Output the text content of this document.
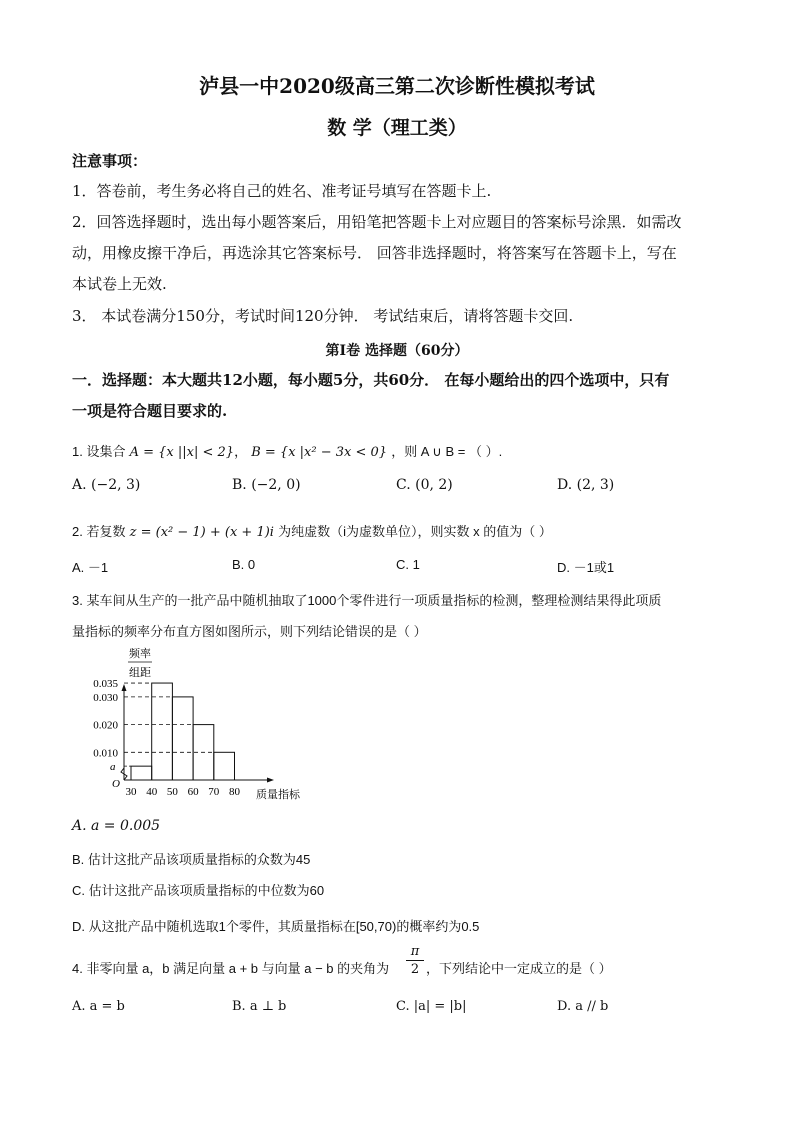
泸县一中2020级高三第二次诊断性模拟考试
数 学（理工类）
注意事项：
1．答卷前，考生务必将自己的姓名、准考证号填写在答题卡上.
2．回答选择题时，选出每小题答案后，用铅笔把答题卡上对应题目的答案标号涂黑．如需改
动，用橡皮擦干净后，再选涂其它答案标号． 回答非选择题时，将答案写在答题卡上，写在
本试卷上无效.
3． 本试卷满分150分，考试时间120分钟． 考试结束后，请将答题卡交回.
第I卷 选择题（60分）
一．选择题：本大题共12小题，每小题5分，共60分． 在每小题给出的四个选项中，只有
一项是符合题目要求的.
1. 设集合 A = {x ||x| < 2}， B = {x |x² − 3x < 0} ，则 A ∪ B = （ ）.
A. (−2, 3)	B. (−2, 0)	C. (0, 2)	D. (2, 3)
2. 若复数 z = (x² − 1) + (x + 1)i 为纯虚数（i为虚数单位），则实数 x 的值为（ ）
A. －1	B. 0	C. 1	D. －1或1
3. 某车间从生产的一批产品中随机抽取了1000个零件进行一项质量指标的检测，整理检测结果得此项质
量指标的频率分布直方图如图所示，则下列结论错误的是（ ）
频率
组距
a
0.035
0.030
0.020
0.010
30 40 50 60 70 80
O
质量指标
A. a = 0.005
B. 估计这批产品该项质量指标的众数为45
C. 估计这批产品该项质量指标的中位数为60
D. 从这批产品中随机选取1个零件，其质量指标在[50,70)的概率约为0.5
4. 非零向量 a，b 满足向量 a + b 与向量 a − b 的夹角为
π
2 ，下列结论中一定成立的是（ ）
A. a = b	B. a ⊥ b	C. |a| = |b|	D. a // b
